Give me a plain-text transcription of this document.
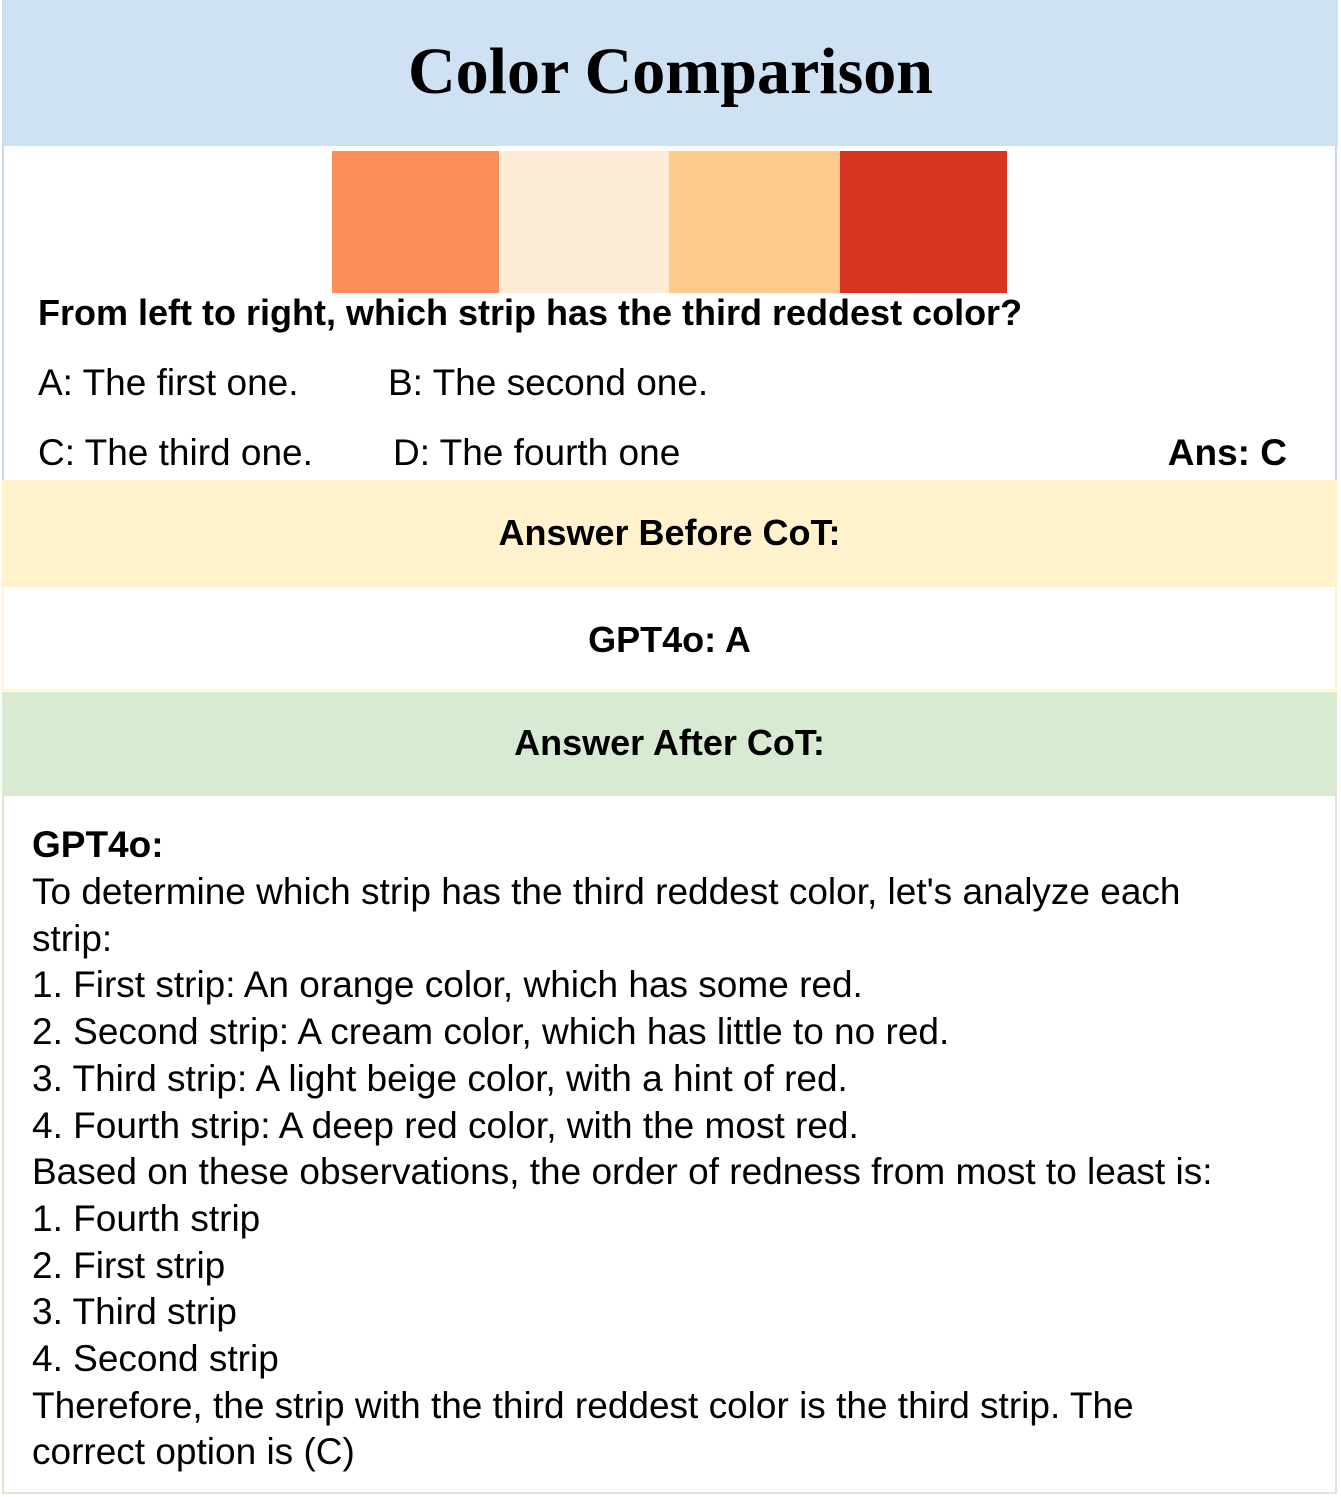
Color Comparison
From left to right, which strip has the third reddest color?
A: The first one. B: The second one.
C: The third one. D: The fourth one	Ans: C
Answer Before CoT:
GPT4o: A
Answer After CoT:
GPT4o:
To determine which strip has the third reddest color, let's analyze each
strip:
1. First strip: An orange color, which has some red.
2. Second strip: A cream color, which has little to no red.
3. Third strip: A light beige color, with a hint of red.
4. Fourth strip: A deep red color, with the most red.
Based on these observations, the order of redness from most to least is:
1. Fourth strip
2. First strip
3. Third strip
4. Second strip
Therefore, the strip with the third reddest color is the third strip. The
correct option is (C)
